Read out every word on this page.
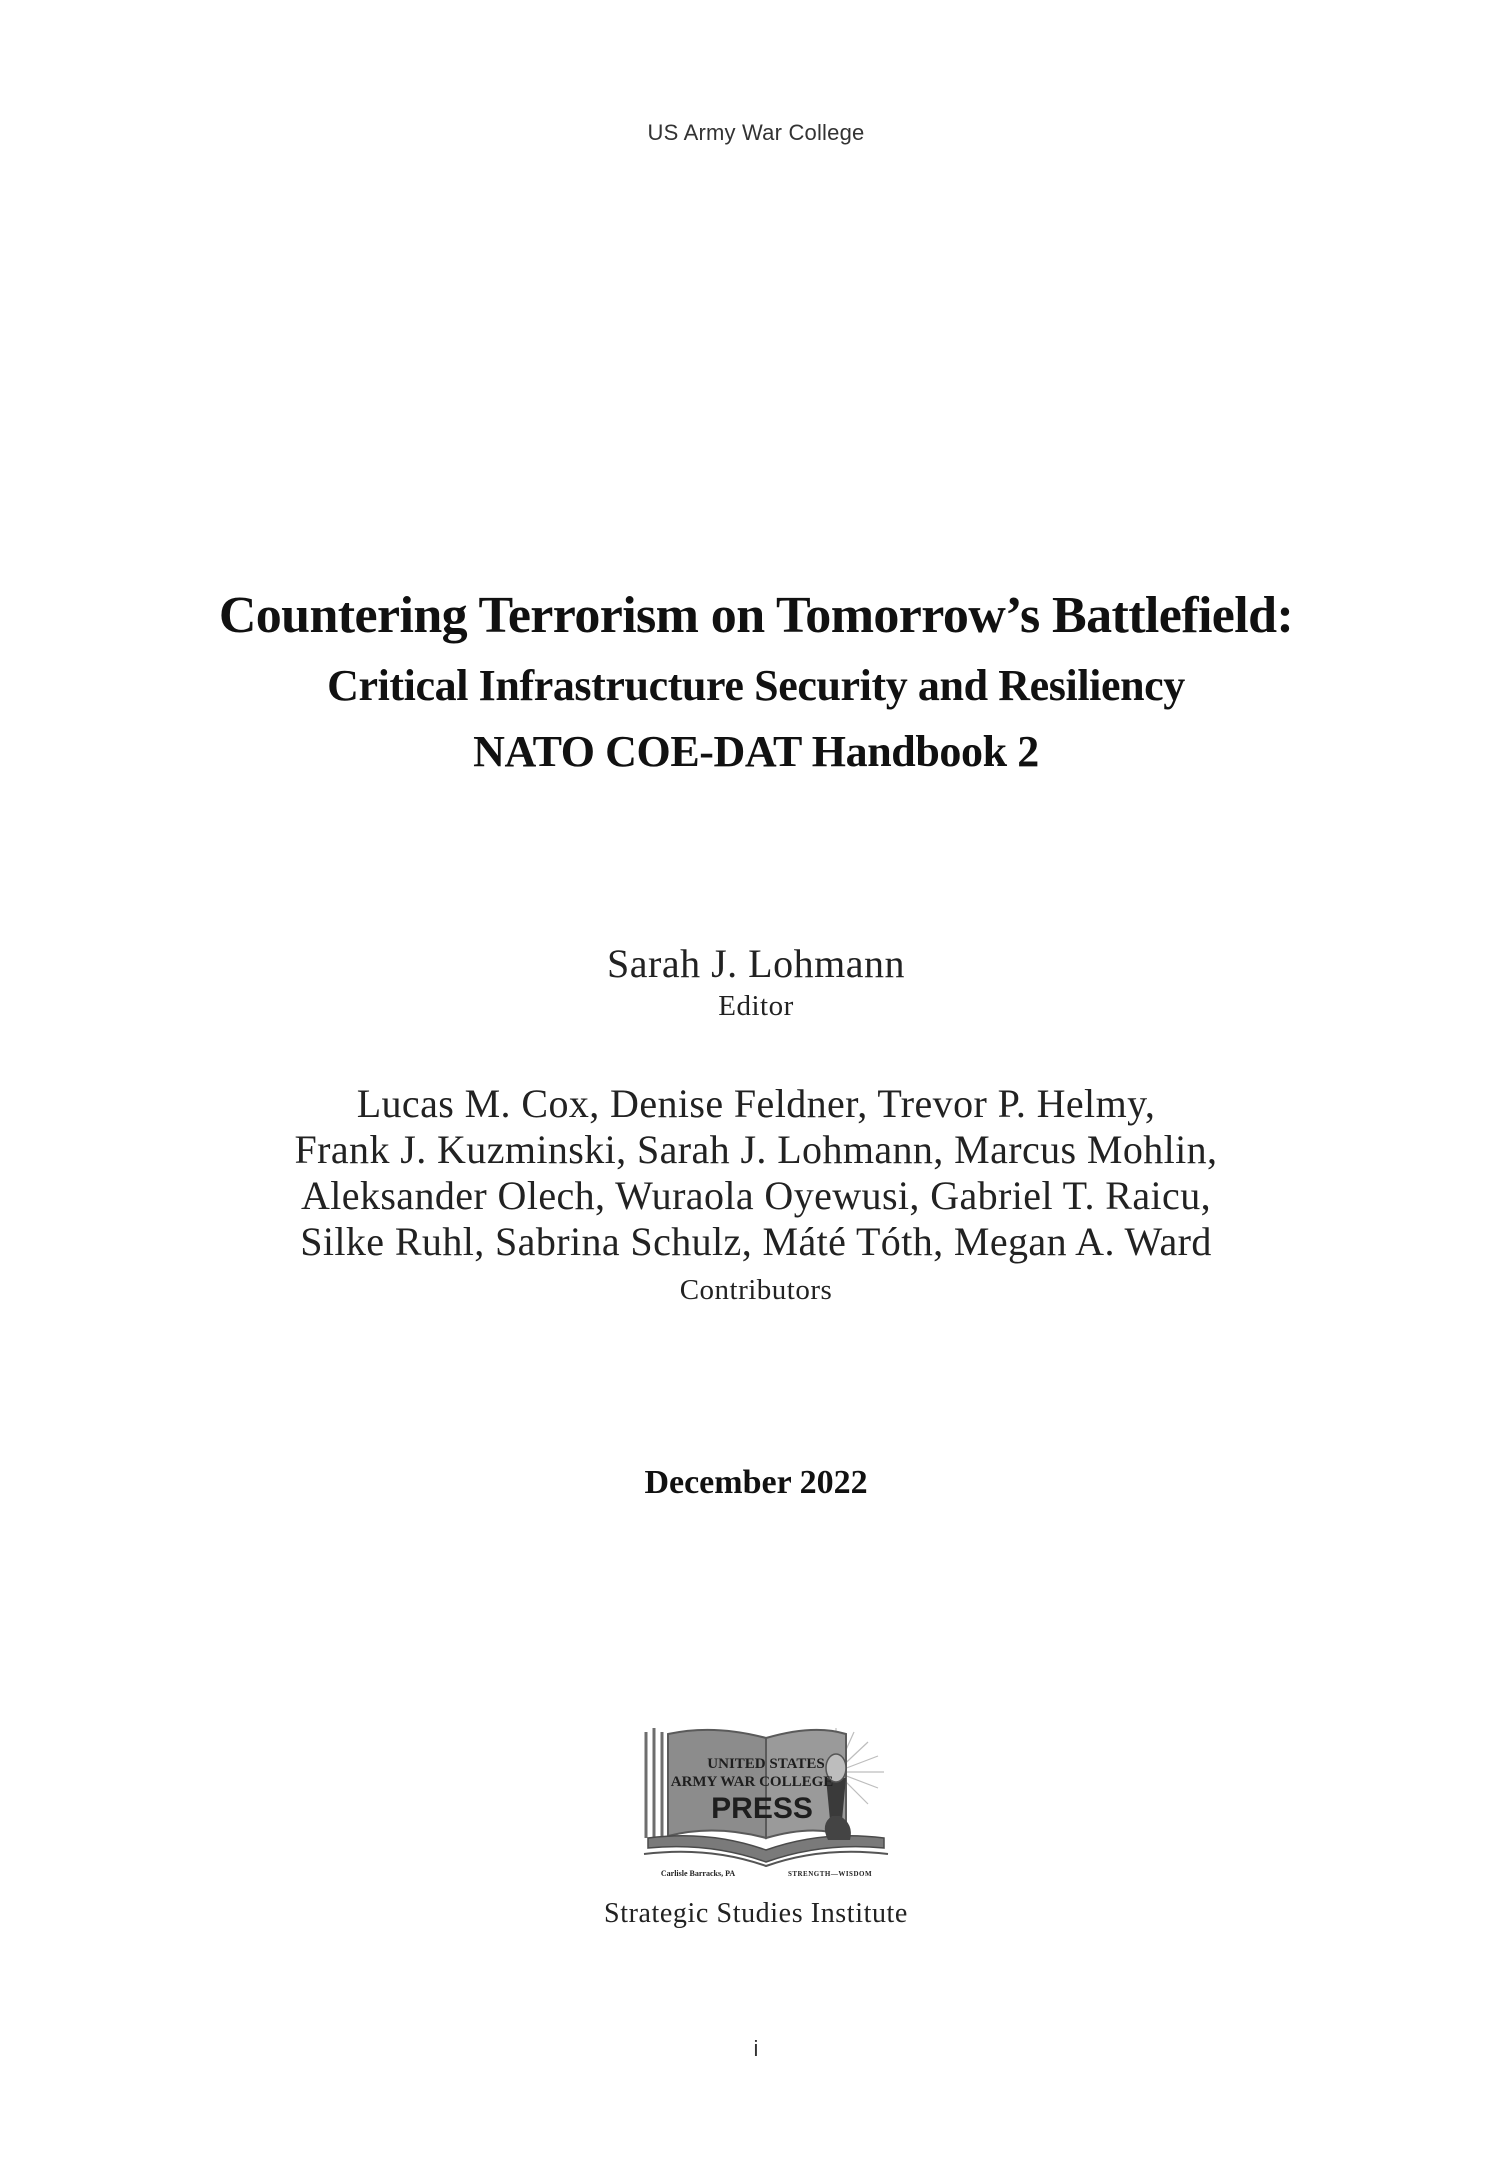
US Army War College
Countering Terrorism on Tomorrow’s Battlefield:
Critical Infrastructure Security and Resiliency
NATO COE-DAT Handbook 2
Sarah J. Lohmann
Editor
Lucas M. Cox, Denise Feldner, Trevor P. Helmy,
Frank J. Kuzminski, Sarah J. Lohmann, Marcus Mohlin,
Aleksander Olech, Wuraola Oyewusi, Gabriel T. Raicu,
Silke Ruhl, Sabrina Schulz, Máté Tóth, Megan A. Ward
Contributors
December 2022
UNITED STATES
ARMY WAR COLLEGE
PRESS
Carlisle Barracks, PA	STRENGTH—WISDOM
Strategic Studies Institute
i
